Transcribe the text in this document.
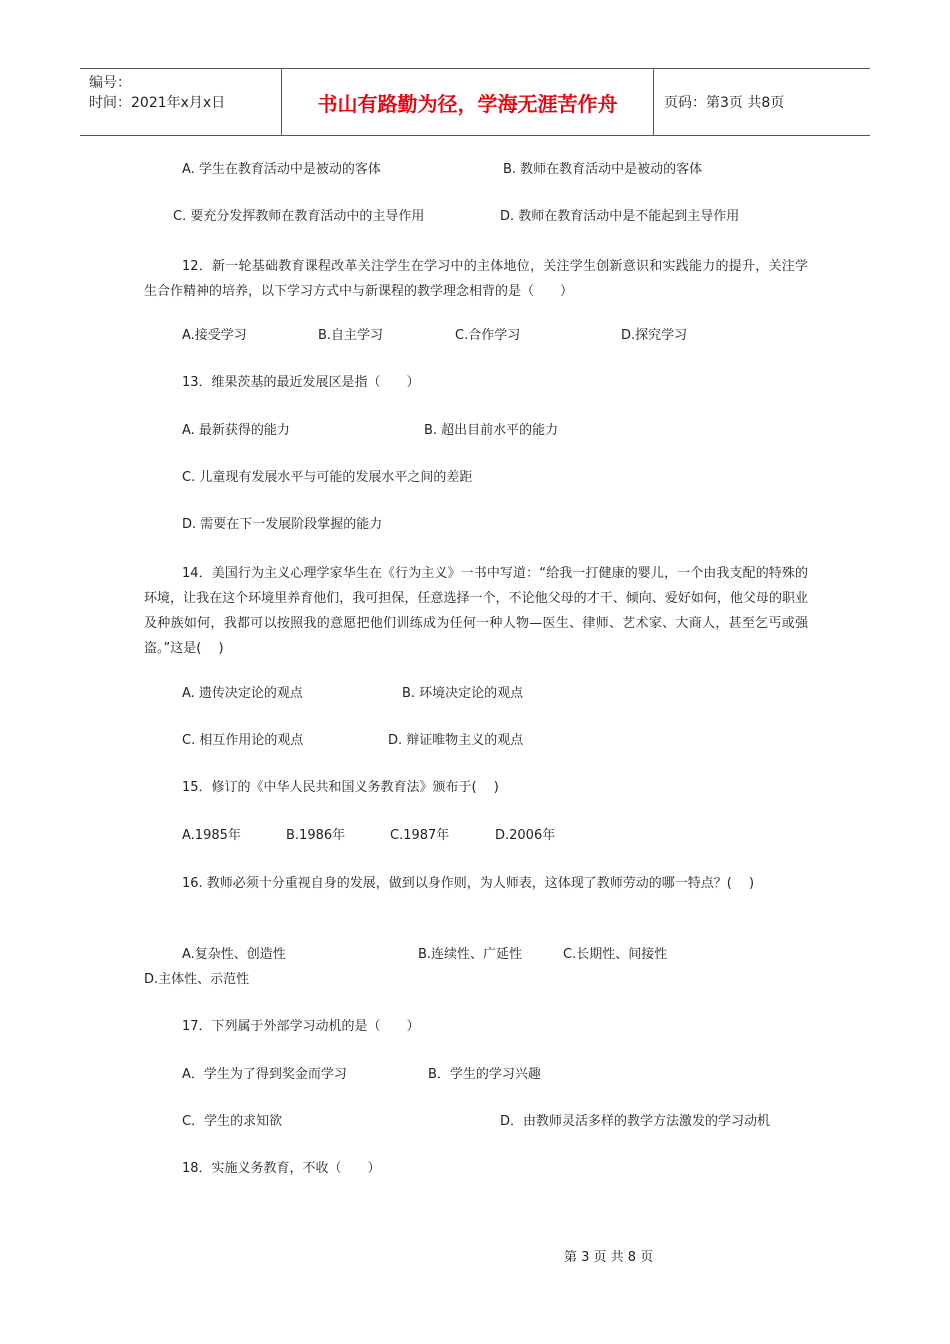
编号：
时间：2021年x月x日	书山有路勤为径，学海无涯苦作舟	页码：第3页 共8页
A. 学生在教育活动中是被动的客体	B. 教师在教育活动中是被动的客体
C. 要充分发挥教师在教育活动中的主导作用	D. 教师在教育活动中是不能起到主导作用
12．新一轮基础教育课程改革关注学生在学习中的主体地位，关注学生创新意识和实践能力的提升，关注学生合作精神的培养，以下学习方式中与新课程的教学理念相背的是（　　）
A.接受学习	B.自主学习	C.合作学习	D.探究学习
13．维果茨基的最近发展区是指（　　）
A. 最新获得的能力	B. 超出目前水平的能力
C. 儿童现有发展水平与可能的发展水平之间的差距
D. 需要在下一发展阶段掌握的能力
14．美国行为主义心理学家华生在《行为主义》一书中写道：“给我一打健康的婴儿，一个由我支配的特殊的环境，让我在这个环境里养育他们，我可担保，任意选择一个，不论他父母的才干、倾向、爱好如何，他父母的职业及种族如何，我都可以按照我的意愿把他们训练成为任何一种人物—医生、律师、艺术家、大商人，甚至乞丐或强盗。”这是(　 )
A. 遗传决定论的观点	B. 环境决定论的观点
C. 相互作用论的观点	D. 辩证唯物主义的观点
15．修订的《中华人民共和国义务教育法》颁布于(　 )
A.1985年	B.1986年	C.1987年	D.2006年
16. 教师必须十分重视自身的发展，做到以身作则，为人师表，这体现了教师劳动的哪一特点？(　 )
A.复杂性、创造性	B.连续性、广延性	C.长期性、间接性
D.主体性、示范性
17．下列属于外部学习动机的是（　　）
A．学生为了得到奖金而学习	B．学生的学习兴趣
C．学生的求知欲	D．由教师灵活多样的教学方法激发的学习动机
18．实施义务教育，不收（　　）
第 3 页 共 8 页
